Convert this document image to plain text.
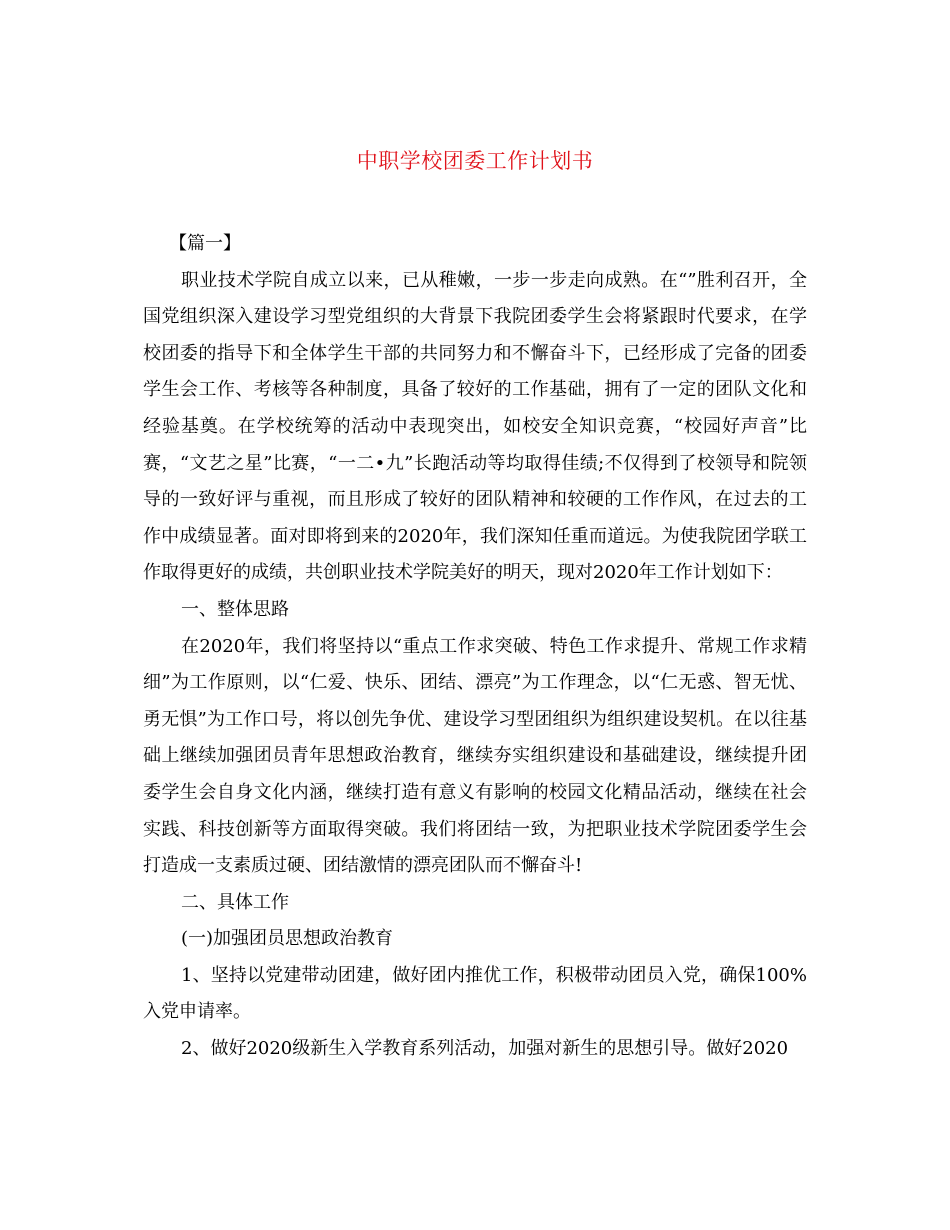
中职学校团委工作计划书

【篇一】

职业技术学院自成立以来，已从稚嫩，一步一步走向成熟。在“”胜利召开，全国党组织深入建设学习型党组织的大背景下我院团委学生会将紧跟时代要求，在学校团委的指导下和全体学生干部的共同努力和不懈奋斗下，已经形成了完备的团委学生会工作、考核等各种制度，具备了较好的工作基础，拥有了一定的团队文化和经验基奠。在学校统筹的活动中表现突出，如校安全知识竞赛，“校园好声音”比赛，“文艺之星”比赛，“一二•九”长跑活动等均取得佳绩;不仅得到了校领导和院领导的一致好评与重视，而且形成了较好的团队精神和较硬的工作作风，在过去的工作中成绩显著。面对即将到来的2020年，我们深知任重而道远。为使我院团学联工作取得更好的成绩，共创职业技术学院美好的明天，现对2020年工作计划如下：

一、整体思路

在2020年，我们将坚持以“重点工作求突破、特色工作求提升、常规工作求精细”为工作原则，以“仁爱、快乐、团结、漂亮”为工作理念，以“仁无惑、智无忧、勇无惧”为工作口号，将以创先争优、建设学习型团组织为组织建设契机。在以往基础上继续加强团员青年思想政治教育，继续夯实组织建设和基础建设，继续提升团委学生会自身文化内涵，继续打造有意义有影响的校园文化精品活动，继续在社会实践、科技创新等方面取得突破。我们将团结一致，为把职业技术学院团委学生会打造成一支素质过硬、团结激情的漂亮团队而不懈奋斗!

二、具体工作

(一)加强团员思想政治教育

1、坚持以党建带动团建，做好团内推优工作，积极带动团员入党，确保100%入党申请率。

2、做好2020级新生入学教育系列活动，加强对新生的思想引导。做好2020
